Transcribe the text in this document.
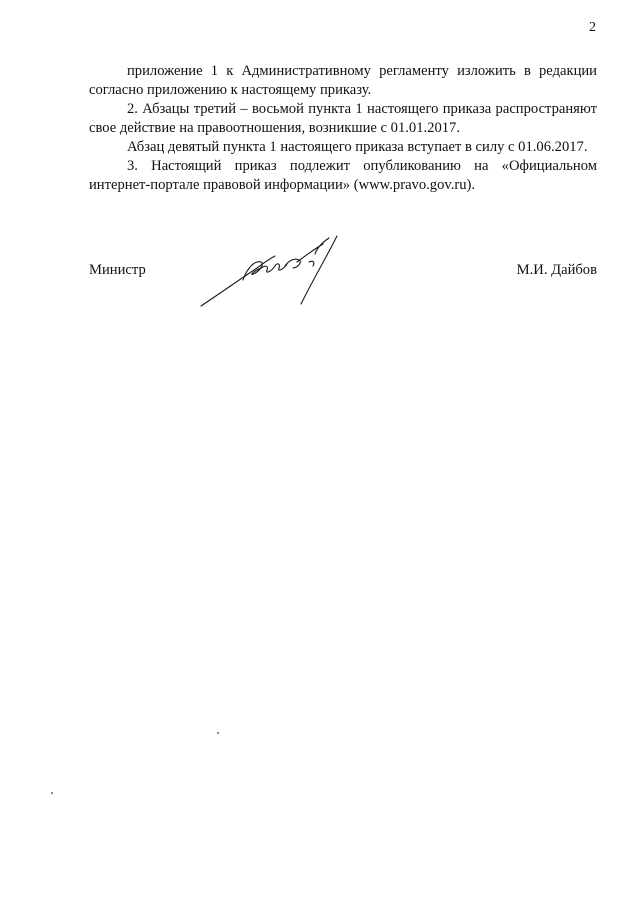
2

приложение 1 к Административному регламенту изложить в редакции согласно приложению к настоящему приказу.

2. Абзацы третий – восьмой пункта 1 настоящего приказа распространяют свое действие на правоотношения, возникшие с 01.01.2017.

Абзац девятый пункта 1 настоящего приказа вступает в силу с 01.06.2017.

3. Настоящий приказ подлежит опубликованию на «Официальном интернет-портале правовой информации» (www.pravo.gov.ru).

Министр	М.И. Дайбов
